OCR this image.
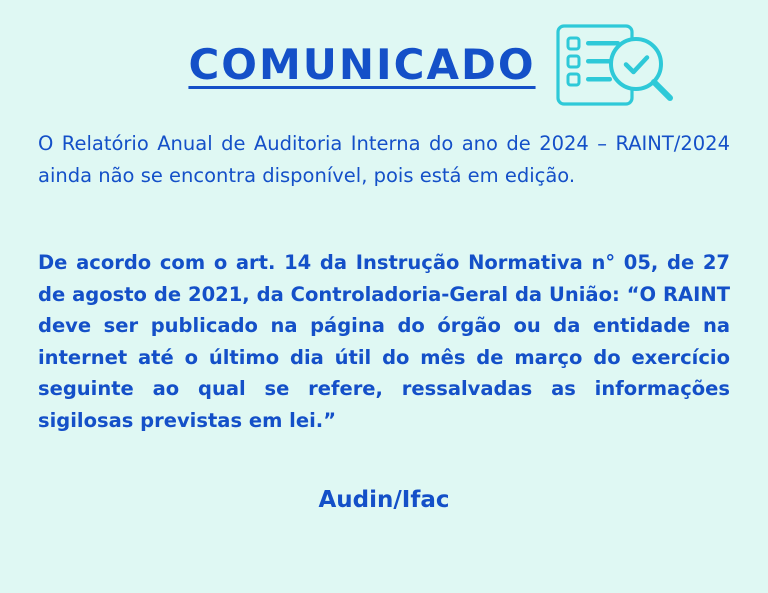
COMUNICADO

O Relatório Anual de Auditoria Interna do ano de 2024 – RAINT/2024 ainda não se encontra disponível, pois está em edição.

De acordo com o art. 14 da Instrução Normativa n° 05, de 27 de agosto de 2021, da Controladoria-Geral da União: “O RAINT deve ser publicado na página do órgão ou da entidade na internet até o último dia útil do mês de março do exercício seguinte ao qual se refere, ressalvadas as informações sigilosas previstas em lei.”

Audin/Ifac
